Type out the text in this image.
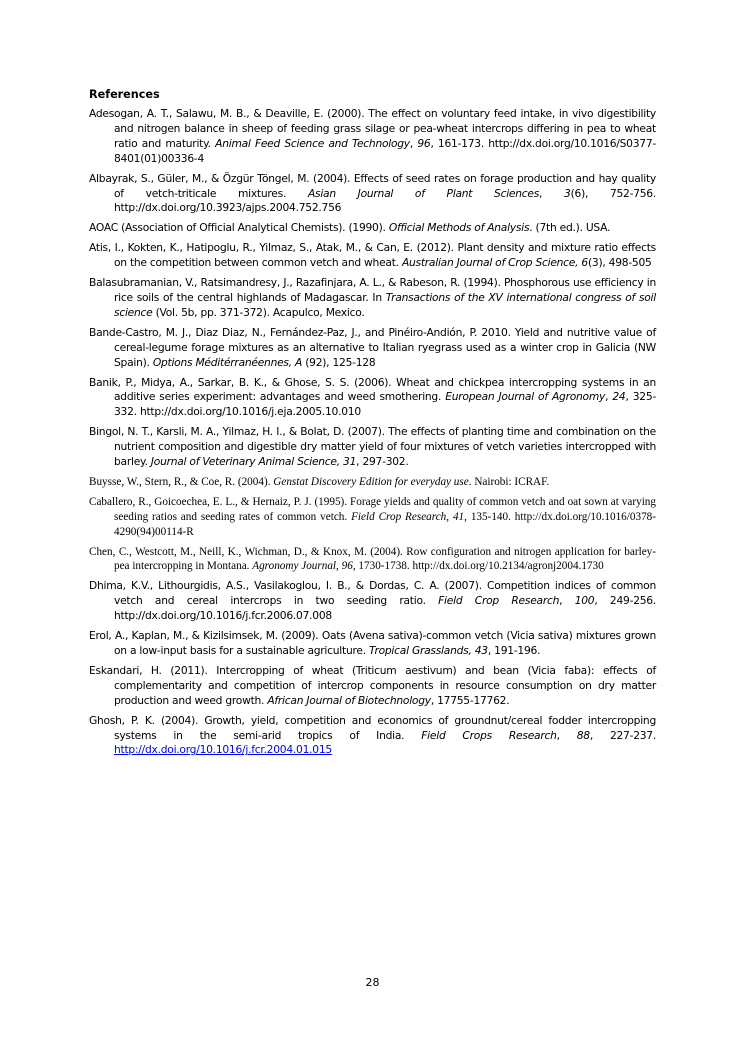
References

Adesogan, A. T., Salawu, M. B., & Deaville, E. (2000). The effect on voluntary feed intake, in vivo digestibility and nitrogen balance in sheep of feeding grass silage or pea-wheat intercrops differing in pea to wheat ratio and maturity. Animal Feed Science and Technology, 96, 161-173. http://dx.doi.org/10.1016/S0377-8401(01)00336-4

Albayrak, S., Güler, M., & Özgür Töngel, M. (2004). Effects of seed rates on forage production and hay quality of vetch-triticale mixtures. Asian Journal of Plant Sciences, 3(6), 752-756. http://dx.doi.org/10.3923/ajps.2004.752.756

AOAC (Association of Official Analytical Chemists). (1990). Official Methods of Analysis. (7th ed.). USA.

Atis, I., Kokten, K., Hatipoglu, R., Yilmaz, S., Atak, M., & Can, E. (2012). Plant density and mixture ratio effects on the competition between common vetch and wheat. Australian Journal of Crop Science, 6(3), 498-505

Balasubramanian, V., Ratsimandresy, J., Razafinjara, A. L., & Rabeson, R. (1994). Phosphorous use efficiency in rice soils of the central highlands of Madagascar. In Transactions of the XV international congress of soil science (Vol. 5b, pp. 371-372). Acapulco, Mexico.

Bande-Castro, M. J., Diaz Diaz, N., Fernández-Paz, J., and Pinéiro-Andión, P. 2010. Yield and nutritive value of cereal-legume forage mixtures as an alternative to Italian ryegrass used as a winter crop in Galicia (NW Spain). Options Méditérranéennes, A (92), 125-128

Banik, P., Midya, A., Sarkar, B. K., & Ghose, S. S. (2006). Wheat and chickpea intercropping systems in an additive series experiment: advantages and weed smothering. European Journal of Agronomy, 24, 325-332. http://dx.doi.org/10.1016/j.eja.2005.10.010

Bingol, N. T., Karsli, M. A., Yilmaz, H. I., & Bolat, D. (2007). The effects of planting time and combination on the nutrient composition and digestible dry matter yield of four mixtures of vetch varieties intercropped with barley. Journal of Veterinary Animal Science, 31, 297-302.

Buysse, W., Stern, R., & Coe, R. (2004). Genstat Discovery Edition for everyday use. Nairobi: ICRAF.

Caballero, R., Goicoechea, E. L., & Hernaiz, P. J. (1995). Forage yields and quality of common vetch and oat sown at varying seeding ratios and seeding rates of common vetch. Field Crop Research, 41, 135-140. http://dx.doi.org/10.1016/0378-4290(94)00114-R

Chen, C., Westcott, M., Neill, K., Wichman, D., & Knox, M. (2004). Row configuration and nitrogen application for barley-pea intercropping in Montana. Agronomy Journal, 96, 1730-1738. http://dx.doi.org/10.2134/agronj2004.1730

Dhima, K.V., Lithourgidis, A.S., Vasilakoglou, I. B., & Dordas, C. A. (2007). Competition indices of common vetch and cereal intercrops in two seeding ratio. Field Crop Research, 100, 249-256. http://dx.doi.org/10.1016/j.fcr.2006.07.008

Erol, A., Kaplan, M., & Kizilsimsek, M. (2009). Oats (Avena sativa)-common vetch (Vicia sativa) mixtures grown on a low-input basis for a sustainable agriculture. Tropical Grasslands, 43, 191-196.

Eskandari, H. (2011). Intercropping of wheat (Triticum aestivum) and bean (Vicia faba): effects of complementarity and competition of intercrop components in resource consumption on dry matter production and weed growth. African Journal of Biotechnology, 17755-17762.

Ghosh, P. K. (2004). Growth, yield, competition and economics of groundnut/cereal fodder intercropping systems in the semi-arid tropics of India. Field Crops Research, 88, 227-237. http://dx.doi.org/10.1016/j.fcr.2004.01.015

28
